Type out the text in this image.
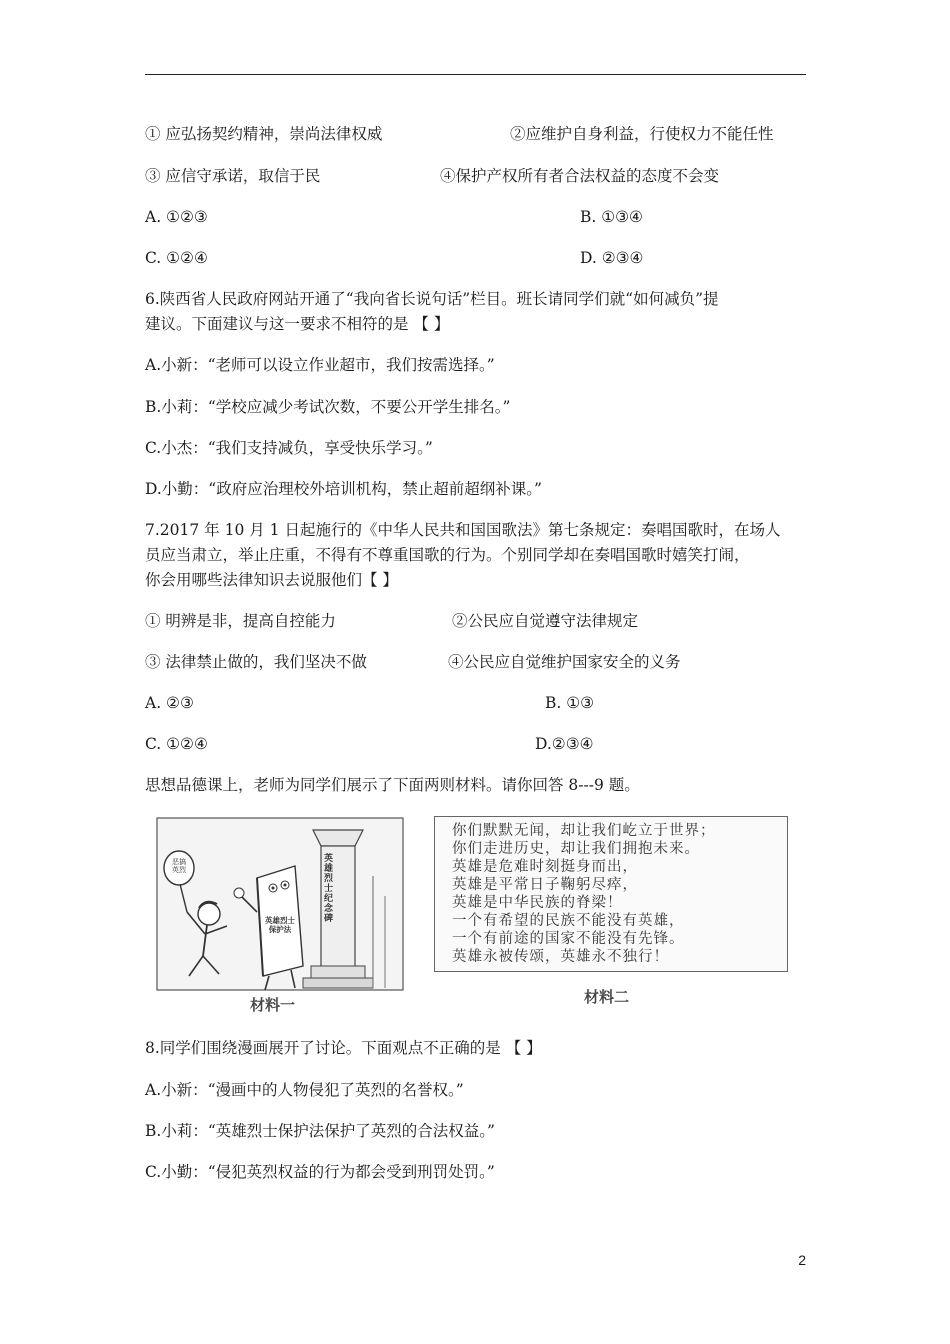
① 应弘扬契约精神，崇尚法律权威	②应维护自身利益，行使权力不能任性
③ 应信守承诺，取信于民	④保护产权所有者合法权益的态度不会变
A. ①②③	B. ①③④
C. ①②④	D. ②③④
6.陕西省人民政府网站开通了“我向省长说句话”栏目。班长请同学们就“如何减负”提
建议。下面建议与这一要求不相符的是 【 】
A.小新：“老师可以设立作业超市，我们按需选择。”
B.小莉：“学校应减少考试次数，不要公开学生排名。”
C.小杰：“我们支持减负，享受快乐学习。”
D.小勤：“政府应治理校外培训机构，禁止超前超纲补课。”
7.2017 年 10 月 1 日起施行的《中华人民共和国国歌法》第七条规定：奏唱国歌时，在场人
员应当肃立，举止庄重，不得有不尊重国歌的行为。个别同学却在奏唱国歌时嬉笑打闹，
你会用哪些法律知识去说服他们【 】
① 明辨是非，提高自控能力	②公民应自觉遵守法律规定
③ 法律禁止做的，我们坚决不做	④公民应自觉维护国家安全的义务
A. ②③	B. ①③
C. ①②④	D.②③④
思想品德课上，老师为同学们展示了下面两则材料。请你回答 8---9 题。
英雄烈士纪念碑
英雄烈士保护法
恶搞英烈
材料一
你们默默无闻，却让我们屹立于世界；
你们走进历史，却让我们拥抱未来。
英雄是危难时刻挺身而出，
英雄是平常日子鞠躬尽瘁，
英雄是中华民族的脊梁！
一个有希望的民族不能没有英雄，
一个有前途的国家不能没有先锋。
英雄永被传颂，英雄永不独行！
材料二
8.同学们围绕漫画展开了讨论。下面观点不正确的是 【 】
A.小新：“漫画中的人物侵犯了英烈的名誉权。”
B.小莉：“英雄烈士保护法保护了英烈的合法权益。”
C.小勤：“侵犯英烈权益的行为都会受到刑罚处罚。”
2
